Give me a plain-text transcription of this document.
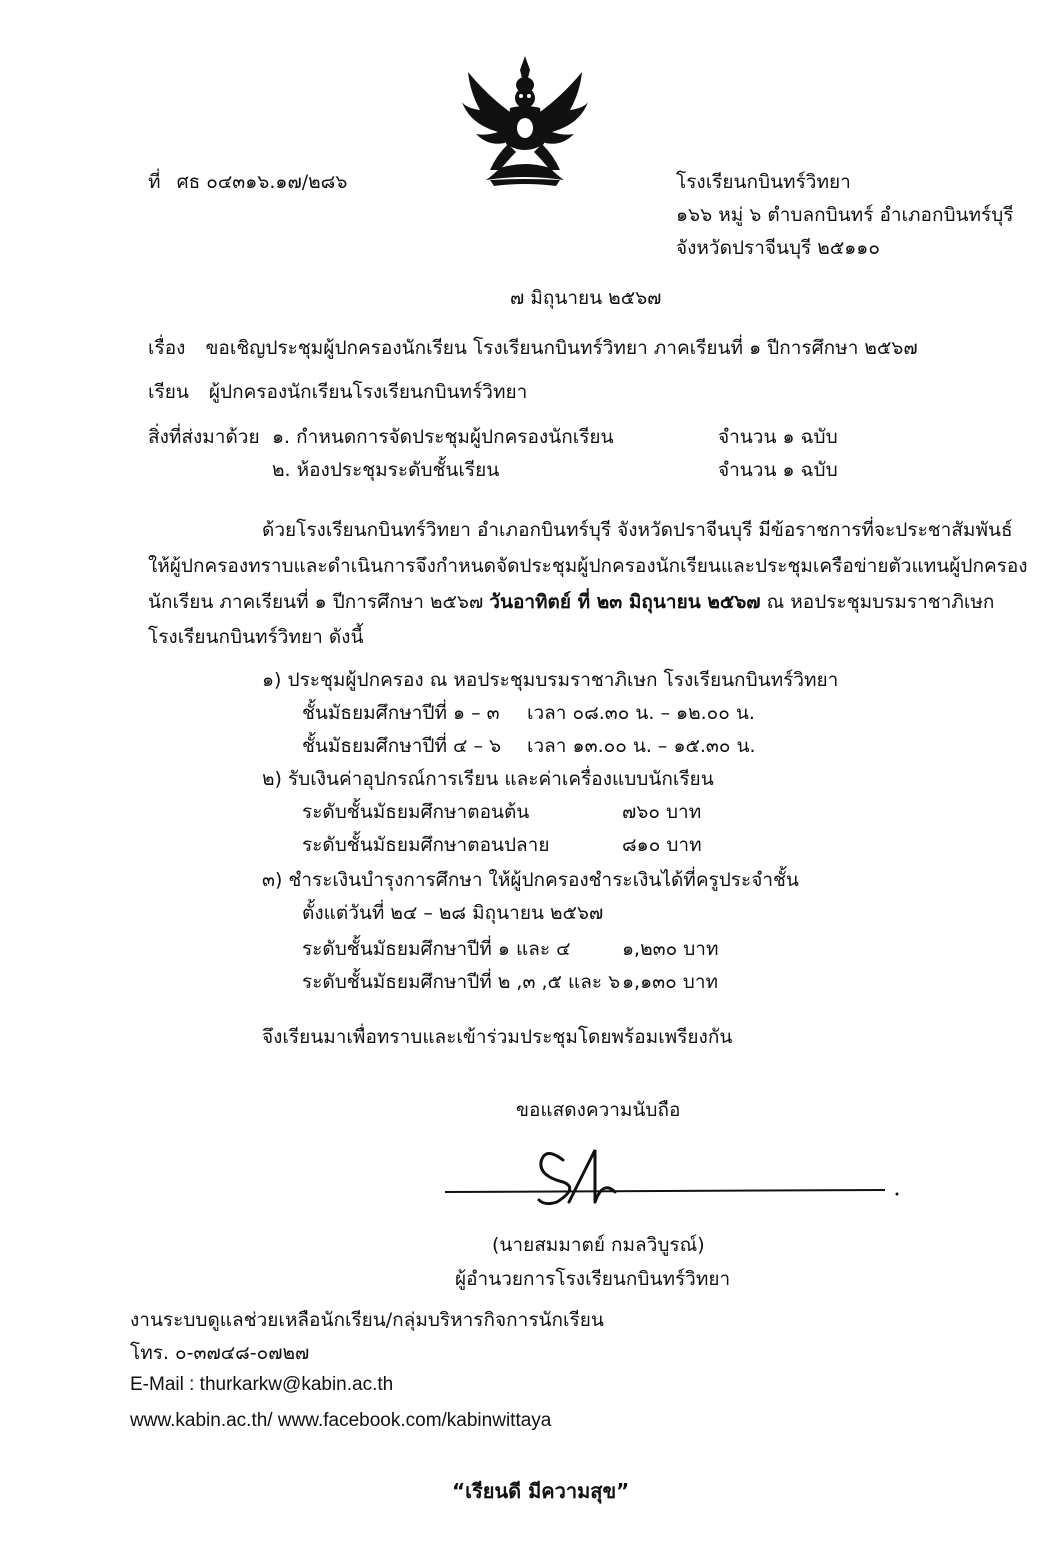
ที่ ศธ ๐๔๓๑๖.๑๗/๒๘๖	โรงเรียนกบินทร์วิทยา
๑๖๖ หมู่ ๖ ตำบลกบินทร์ อำเภอกบินทร์บุรี
จังหวัดปราจีนบุรี ๒๕๑๑๐
๗ มิถุนายน ๒๕๖๗
เรื่อง ขอเชิญประชุมผู้ปกครองนักเรียน โรงเรียนกบินทร์วิทยา ภาคเรียนที่ ๑ ปีการศึกษา ๒๕๖๗
เรียน ผู้ปกครองนักเรียนโรงเรียนกบินทร์วิทยา
สิ่งที่ส่งมาด้วย ๑. กำหนดการจัดประชุมผู้ปกครองนักเรียน	จำนวน ๑ ฉบับ
๒. ห้องประชุมระดับชั้นเรียน	จำนวน ๑ ฉบับ
ด้วยโรงเรียนกบินทร์วิทยา อำเภอกบินทร์บุรี จังหวัดปราจีนบุรี มีข้อราชการที่จะประชาสัมพันธ์
ให้ผู้ปกครองทราบและดำเนินการจึงกำหนดจัดประชุมผู้ปกครองนักเรียนและประชุมเครือข่ายตัวแทนผู้ปกครอง
นักเรียน ภาคเรียนที่ ๑ ปีการศึกษา ๒๕๖๗ วันอาทิตย์ ที่ ๒๓ มิถุนายน ๒๕๖๗ ณ หอประชุมบรมราชาภิเษก
โรงเรียนกบินทร์วิทยา ดังนี้
๑) ประชุมผู้ปกครอง ณ หอประชุมบรมราชาภิเษก โรงเรียนกบินทร์วิทยา
ชั้นมัธยมศึกษาปีที่ ๑ – ๓ เวลา ๐๘.๓๐ น. – ๑๒.๐๐ น.
ชั้นมัธยมศึกษาปีที่ ๔ – ๖ เวลา ๑๓.๐๐ น. – ๑๕.๓๐ น.
๒) รับเงินค่าอุปกรณ์การเรียน และค่าเครื่องแบบนักเรียน
ระดับชั้นมัธยมศึกษาตอนต้น	๗๖๐ บาท
ระดับชั้นมัธยมศึกษาตอนปลาย	๘๑๐ บาท
๓) ชำระเงินบำรุงการศึกษา ให้ผู้ปกครองชำระเงินได้ที่ครูประจำชั้น
ตั้งแต่วันที่ ๒๔ – ๒๘ มิถุนายน ๒๕๖๗
ระดับชั้นมัธยมศึกษาปีที่ ๑ และ ๔	๑,๒๓๐ บาท
ระดับชั้นมัธยมศึกษาปีที่ ๒ ,๓ ,๕ และ ๖ ๑,๑๓๐ บาท
จึงเรียนมาเพื่อทราบและเข้าร่วมประชุมโดยพร้อมเพรียงกัน
ขอแสดงความนับถือ
(นายสมมาตย์ กมลวิบูรณ์)
ผู้อำนวยการโรงเรียนกบินทร์วิทยา
งานระบบดูแลช่วยเหลือนักเรียน/กลุ่มบริหารกิจการนักเรียน
โทร. ๐-๓๗๔๘-๐๗๒๗
E-Mail : thurkarkw@kabin.ac.th
www.kabin.ac.th/ www.facebook.com/kabinwittaya
“เรียนดี มีความสุข”
